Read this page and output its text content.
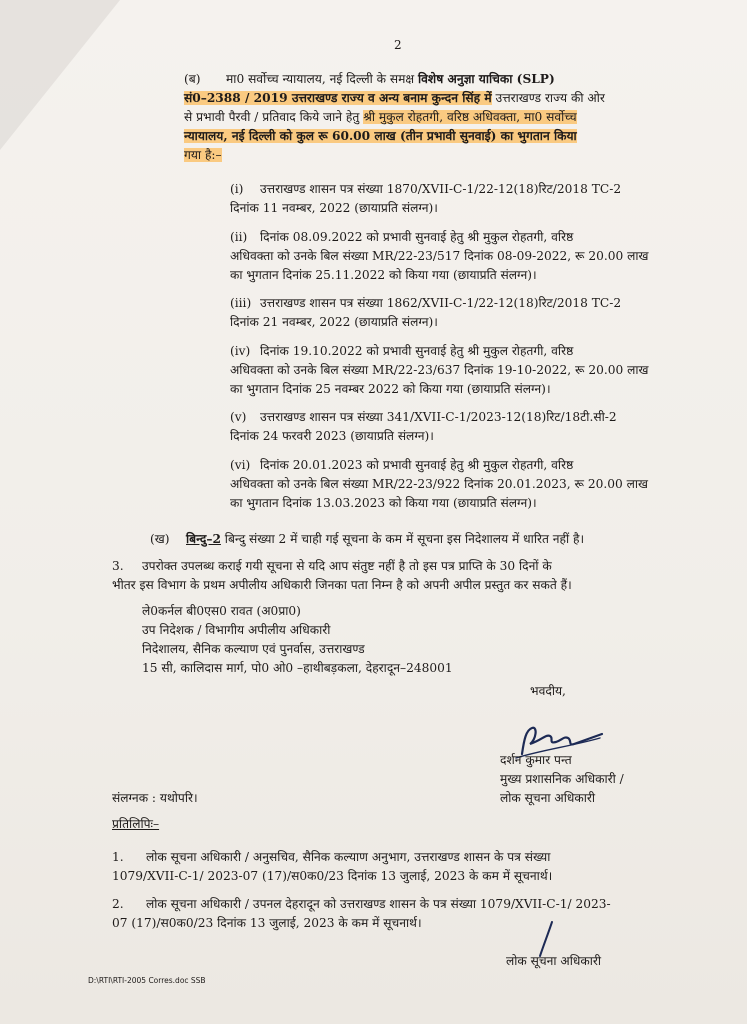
2
(ब) मा0 सर्वोच्च न्यायालय, नई दिल्ली के समक्ष विशेष अनुज्ञा याचिका (SLP)
सं0–2388 / 2019 उत्तराखण्ड राज्य व अन्य बनाम कुन्दन सिंह में उत्तराखण्ड राज्य की ओर
से प्रभावी पैरवी / प्रतिवाद किये जाने हेतु श्री मुकुल रोहतगी, वरिष्ठ अधिवक्ता, मा0 सर्वोच्च
न्यायालय, नई दिल्ली को कुल रू 60.00 लाख (तीन प्रभावी सुनवाई) का भुगतान किया
गया है:–
(i) उत्तराखण्ड शासन पत्र संख्या 1870/XVII-C-1/22-12(18)रिट/2018 TC-2
दिनांक 11 नवम्बर, 2022 (छायाप्रति संलग्न)।
(ii) दिनांक 08.09.2022 को प्रभावी सुनवाई हेतु श्री मुकुल रोहतगी, वरिष्ठ
अधिवक्ता को उनके बिल संख्या MR/22-23/517 दिनांक 08-09-2022, रू 20.00 लाख
का भुगतान दिनांक 25.11.2022 को किया गया (छायाप्रति संलग्न)।
(iii) उत्तराखण्ड शासन पत्र संख्या 1862/XVII-C-1/22-12(18)रिट/2018 TC-2
दिनांक 21 नवम्बर, 2022 (छायाप्रति संलग्न)।
(iv) दिनांक 19.10.2022 को प्रभावी सुनवाई हेतु श्री मुकुल रोहतगी, वरिष्ठ
अधिवक्ता को उनके बिल संख्या MR/22-23/637 दिनांक 19-10-2022, रू 20.00 लाख
का भुगतान दिनांक 25 नवम्बर 2022 को किया गया (छायाप्रति संलग्न)।
(v) उत्तराखण्ड शासन पत्र संख्या 341/XVII-C-1/2023-12(18)रिट/18टी.सी-2
दिनांक 24 फरवरी 2023 (छायाप्रति संलग्न)।
(vi) दिनांक 20.01.2023 को प्रभावी सुनवाई हेतु श्री मुकुल रोहतगी, वरिष्ठ
अधिवक्ता को उनके बिल संख्या MR/22-23/922 दिनांक 20.01.2023, रू 20.00 लाख
का भुगतान दिनांक 13.03.2023 को किया गया (छायाप्रति संलग्न)।
(ख) बिन्दु–2 बिन्दु संख्या 2 में चाही गई सूचना के कम में सूचना इस निदेशालय में धारित नहीं है।
3. उपरोक्त उपलब्ध कराई गयी सूचना से यदि आप संतुष्ट नहीं है तो इस पत्र प्राप्ति के 30 दिनों के
भीतर इस विभाग के प्रथम अपीलीय अधिकारी जिनका पता निम्न है को अपनी अपील प्रस्तुत कर सकते हैं।
ले0कर्नल बी0एस0 रावत (अ0प्रा0)
उप निदेशक / विभागीय अपीलीय अधिकारी
निदेशालय, सैनिक कल्याण एवं पुनर्वास, उत्तराखण्ड
15 सी, कालिदास मार्ग, पो0 ओ0 –हाथीबड़कला, देहरादून–248001
भवदीय,
दर्शन कुमार पन्त
मुख्य प्रशासनिक अधिकारी /
लोक सूचना अधिकारी
संलग्नक : यथोपरि।
प्रतिलिपिः–
1. लोक सूचना अधिकारी / अनुसचिव, सैनिक कल्याण अनुभाग, उत्तराखण्ड शासन के पत्र संख्या
1079/XVII-C-1/ 2023-07 (17)/स0क0/23 दिनांक 13 जुलाई, 2023 के कम में सूचनार्थ।
2. लोक सूचना अधिकारी / उपनल देहरादून को उत्तराखण्ड शासन के पत्र संख्या 1079/XVII-C-1/ 2023-
07 (17)/स0क0/23 दिनांक 13 जुलाई, 2023 के कम में सूचनार्थ।
लोक सूचना अधिकारी
D:\RTI\RTI-2005 Corres.doc SSB
